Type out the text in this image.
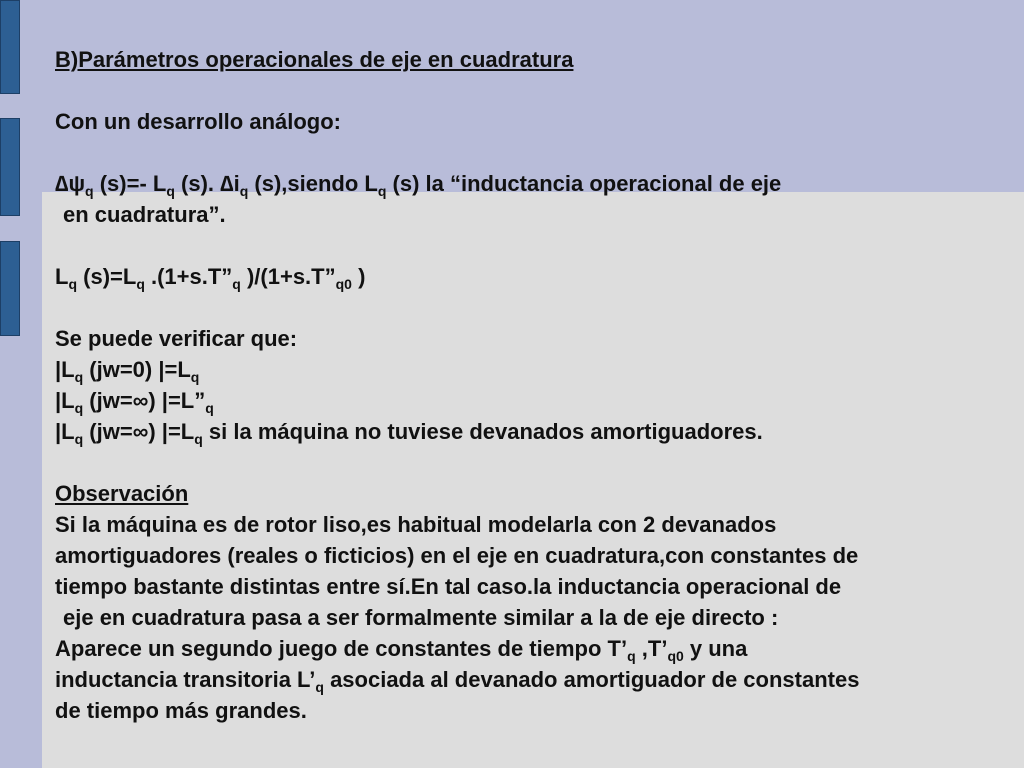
B)Parámetros operacionales de eje en cuadratura
Con un desarrollo análogo:
$\Delta\psi_q$ (s)=- $L_q$ (s). $\Delta i_q$ (s),siendo $L_q$ (s) la “inductancia operacional de eje
en cuadratura”.
$L_q$ $(s)=L_q$ $.(1+s.T”_q$ )$/(1+s.T”_{q0}$ )
Se puede verificar que:
$|L_q$ (jw=0) $|=L_q$
$|L_q$ (jw=∞) $|=L”_q$
$|L_q$ (jw=∞) $|=L_q$ si la máquina no tuviese devanados amortiguadores.
Observación
Si la máquina es de rotor liso,es habitual modelarla con 2 devanados
amortiguadores (reales o ficticios) en el eje en cuadratura,con constantes de
tiempo bastante distintas entre sí.En tal caso.la inductancia operacional de
eje en cuadratura pasa a ser formalmente similar a la de eje directo :
Aparece un segundo juego de constantes de tiempo $T’_q$ $,T’_{q0}$ y una
inductancia transitoria $L’_q$ asociada al devanado amortiguador de constantes
de tiempo más grandes.
